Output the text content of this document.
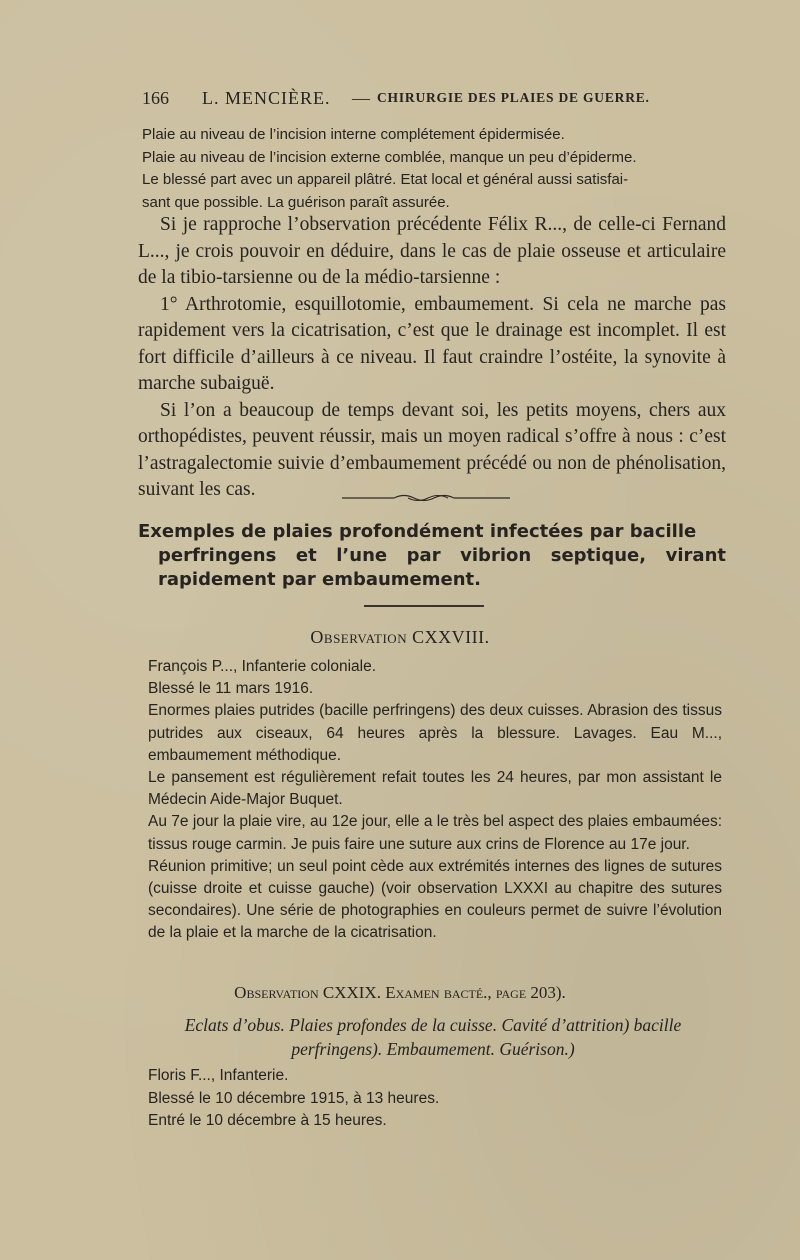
166 L. MENCIÈRE. — CHIRURGIE DES PLAIES DE GUERRE.
Plaie au niveau de l’incision interne complétement épidermisée.
Plaie au niveau de l’incision externe comblée, manque un peu d’épiderme.
Le blessé part avec un appareil plâtré. Etat local et général aussi satisfai-
sant que possible. La guérison paraît assurée.

Si je rapproche l’observation précédente Félix R..., de celle-ci Fernand L..., je crois pouvoir en déduire, dans le cas de plaie osseuse et articulaire de la tibio-tarsienne ou de la médio-tarsienne :

1° Arthrotomie, esquillotomie, embaumement. Si cela ne marche pas rapidement vers la cicatrisation, c’est que le drainage est incomplet. Il est fort difficile d’ailleurs à ce niveau. Il faut craindre l’ostéite, la synovite à marche subaiguë.

Si l’on a beaucoup de temps devant soi, les petits moyens, chers aux orthopédistes, peuvent réussir, mais un moyen radical s’offre à nous : c’est l’astragalectomie suivie d’embaumement précédé ou non de phénolisation, suivant les cas.

Exemples de plaies profondément infectées par bacille
perfringens et l’une par vibrion septique, virant rapidement par embaumement.
Observation CXXVIII.

François P..., Infanterie coloniale.

Blessé le 11 mars 1916.

Enormes plaies putrides (bacille perfringens) des deux cuisses. Abrasion des tissus putrides aux ciseaux, 64 heures après la blessure. Lavages. Eau M..., embaumement méthodique.

Le pansement est régulièrement refait toutes les 24 heures, par mon assistant le Médecin Aide-Major Buquet.

Au 7e jour la plaie vire, au 12e jour, elle a le très bel aspect des plaies embaumées: tissus rouge carmin. Je puis faire une suture aux crins de Florence au 17e jour.

Réunion primitive; un seul point cède aux extrémités internes des lignes de sutures (cuisse droite et cuisse gauche) (voir observation LXXXI au chapitre des sutures secondaires). Une série de photographies en couleurs permet de suivre l’évolution de la plaie et la marche de la cicatrisation.

Observation CXXIX. Examen bacté., page 203).
Eclats d’obus. Plaies profondes de la cuisse. Cavité d’attrition) bacille perfringens). Embaumement. Guérison.)

Floris F..., Infanterie.

Blessé le 10 décembre 1915, à 13 heures.

Entré le 10 décembre à 15 heures.
